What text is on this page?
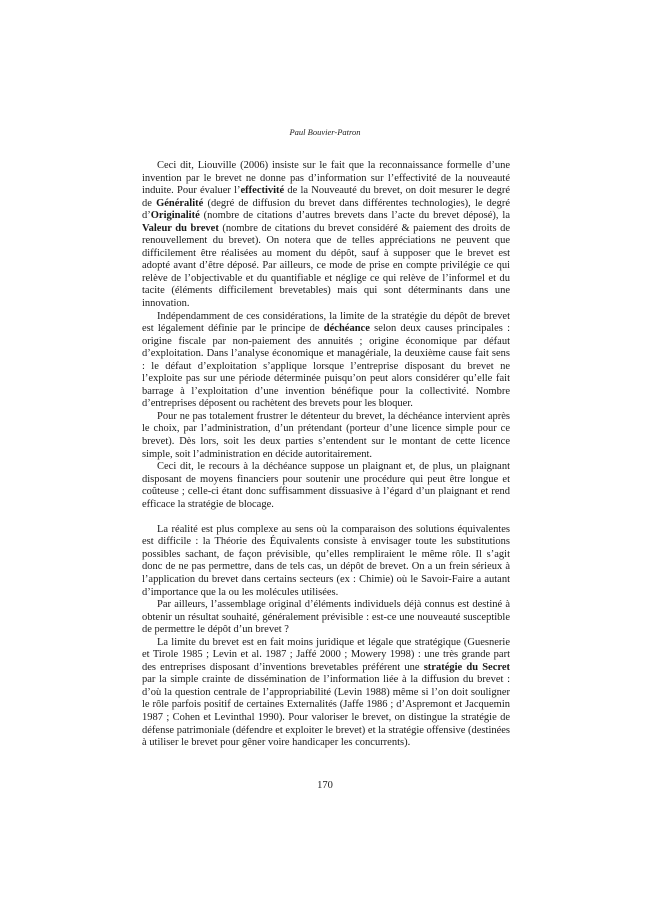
Paul Bouvier-Patron

Ceci dit, Liouville (2006) insiste sur le fait que la reconnaissance formelle d’une invention par le brevet ne donne pas d’information sur l’effectivité de la nouveauté induite. Pour évaluer l’effectivité de la Nouveauté du brevet, on doit mesurer le degré de Généralité (degré de diffusion du brevet dans différentes technologies), le degré d’Originalité (nombre de citations d’autres brevets dans l’acte du brevet déposé), la Valeur du brevet (nombre de citations du brevet considéré & paiement des droits de renouvellement du brevet). On notera que de telles appréciations ne peuvent que difficilement être réalisées au moment du dépôt, sauf à supposer que le brevet est adopté avant d’être déposé. Par ailleurs, ce mode de prise en compte privilégie ce qui relève de l’objectivable et du quantifiable et néglige ce qui relève de l’informel et du tacite (éléments difficilement brevetables) mais qui sont déterminants dans une innovation.

Indépendamment de ces considérations, la limite de la stratégie du dépôt de brevet est légalement définie par le principe de déchéance selon deux causes principales : origine fiscale par non-paiement des annuités ; origine économique par défaut d’exploitation. Dans l’analyse économique et managériale, la deuxième cause fait sens : le défaut d’exploitation s’applique lorsque l’entreprise disposant du brevet ne l’exploite pas sur une période déterminée puisqu’on peut alors considérer qu’elle fait barrage à l’exploitation d’une invention bénéfique pour la collectivité. Nombre d’entreprises déposent ou rachètent des brevets pour les bloquer.

Pour ne pas totalement frustrer le détenteur du brevet, la déchéance intervient après le choix, par l’administration, d’un prétendant (porteur d’une licence simple pour ce brevet). Dès lors, soit les deux parties s’entendent sur le montant de cette licence simple, soit l’administration en décide autoritairement.

Ceci dit, le recours à la déchéance suppose un plaignant et, de plus, un plaignant disposant de moyens financiers pour soutenir une procédure qui peut être longue et coûteuse ; celle-ci étant donc suffisamment dissuasive à l’égard d’un plaignant et rend efficace la stratégie de blocage.

La réalité est plus complexe au sens où la comparaison des solutions équivalentes est difficile : la Théorie des Équivalents consiste à envisager toute les substitutions possibles sachant, de façon prévisible, qu’elles rempliraient le même rôle. Il s’agit donc de ne pas permettre, dans de tels cas, un dépôt de brevet. On a un frein sérieux à l’application du brevet dans certains secteurs (ex : Chimie) où le Savoir-Faire a autant d’importance que la ou les molécules utilisées.

Par ailleurs, l’assemblage original d’éléments individuels déjà connus est destiné à obtenir un résultat souhaité, généralement prévisible : est-ce une nouveauté susceptible de permettre le dépôt d’un brevet ?

La limite du brevet est en fait moins juridique et légale que stratégique (Guesnerie et Tirole 1985 ; Levin et al. 1987 ; Jaffé 2000 ; Mowery 1998) : une très grande part des entreprises disposant d’inventions brevetables préférent une stratégie du Secret par la simple crainte de dissémination de l’information liée à la diffusion du brevet : d’où la question centrale de l’appropriabilité (Levin 1988) même si l’on doit souligner le rôle parfois positif de certaines Externalités (Jaffe 1986 ; d’Aspremont et Jacquemin 1987 ; Cohen et Levinthal 1990). Pour valoriser le brevet, on distingue la stratégie de défense patrimoniale (défendre et exploiter le brevet) et la stratégie offensive (destinées à utiliser le brevet pour gêner voire handicaper les concurrents).

170
